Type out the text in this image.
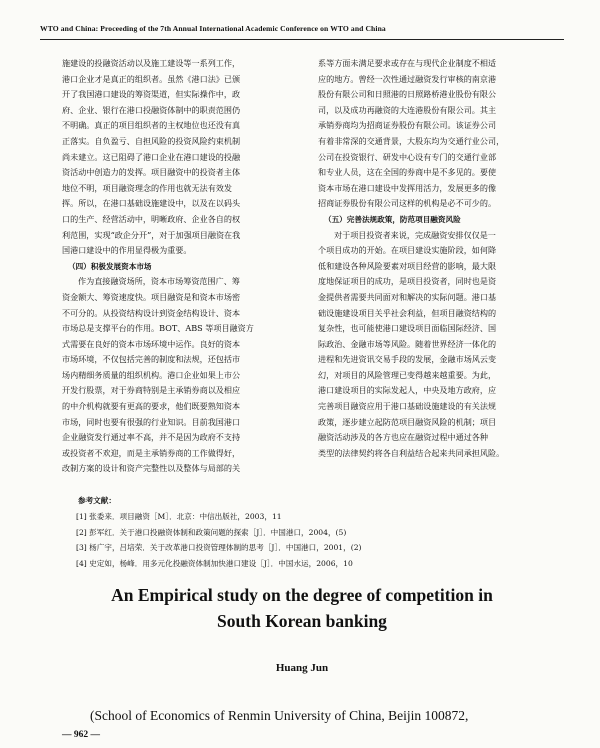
WTO and China: Proceeding of the 7th Annual International Academic Conference on WTO and China
施建设的投融资活动以及施工建设等一系列工作，
港口企业才是真正的组织者。虽然《港口法》已颁
开了我国港口建设的筹资渠道，但实际操作中，政
府、企业、银行在港口投融资体制中的职责范围仍
不明确。真正的项目组织者的主权地位也还没有真
正落实。自负盈亏、自担风险的投资风险约束机制
尚未建立。这已阻碍了港口企业在港口建设的投融
资活动中创造力的发挥。项目融资中的投资者主体
地位不明，项目融资理念的作用也就无法有效发
挥。所以，在港口基础设施建设中，以及在以码头
口的生产、经营活动中，明晰政府、企业各自的权
利范围，实现“政企分开”，对于加强项目融资在我
国港口建设中的作用显得极为重要。
（四）积极发展资本市场
作为直接融资场所，资本市场筹资范围广、筹
资金额大、筹资速度快。项目融资是和资本市场密
不可分的。从投资结构设计到资金结构设计、资本
市场总是支撑平台的作用。BOT、ABS 等项目融资方
式需要在良好的资本市场环境中运作。良好的资本
市场环境，不仅包括完善的制度和法规，还包括市
场内精细务质量的组织机构。港口企业如果上市公
开发行股票，对于券商特别是主承销券商以及相应
的中介机构就要有更高的要求，他们既要熟知资本
市场，同时也要有很强的行业知识。目前我国港口
企业融资发行通过率不高，并不是因为政府不支持
或投资者不欢迎，而是主承销券商的工作做得好，
改制方案的设计和资产完整性以及整体与局部的关
系等方面未满足要求或存在与现代企业制度不相适
应的地方。曾经一次性通过融资发行审核的南京港
股份有限公司和日照港的日照路桥港业股份有限公
司，以及成功再融资的大连港股份有限公司。其主
承销券商均为招商证券股份有限公司。该证券公司
有着非常深的交通背景，大股东均为交通行业公司，
公司在投资银行、研发中心设有专门的交通行业部
和专业人员，这在全国的券商中是不多见的。要使
资本市场在港口建设中发挥用活力，发展更多的像
招商证券股份有限公司这样的机构是必不可少的。
（五）完善法规政策，防范项目融资风险
对于项目投资者来说，完成融资安排仅仅是一
个项目成功的开始。在项目建设实施阶段，如何降
低和建设各种风险要素对项目经营的影响，最大限
度地保证项目的成功，是项目投资者，同时也是资
金提供者需要共同面对和解决的实际问题。港口基
础设施建设项目关乎社会利益，但项目融资结构的
复杂性，也可能使港口建设项目面临国际经济、国
际政治、金融市场等风险。随着世界经济一体化的
进程和先进资讯交易手段的发展，金融市场风云变
幻，对项目的风险管理已变得越来越重要。为此，
港口建设项目的实际发起人，中央及地方政府，应
完善项目融资应用于港口基础设施建设的有关法规
政策，逐步建立起防范项目融资风险的机制；项目
融资活动涉及的各方也应在融资过程中通过各种
类型的法律契约将各自利益结合起来共同承担风险。
参考文献：
[1] 张委来．项目融资［M］．北京：中信出版社，2003，11
[2] 彭军红．关于港口投融资体制和政策问题的探索［J］．中国港口，2004，(5)
[3] 杨广宇，吕培荣．关于改革港口投资管理体制的思考［J］．中国港口，2001，(2)
[4] 史定如，杨峰．用多元化投融资体制加快港口建设［J］．中国水运，2006，10
An Empirical study on the degree of competition in
South Korean banking
Huang Jun
(School of Economics of Renmin University of China, Beijin 100872,
— 962 —
